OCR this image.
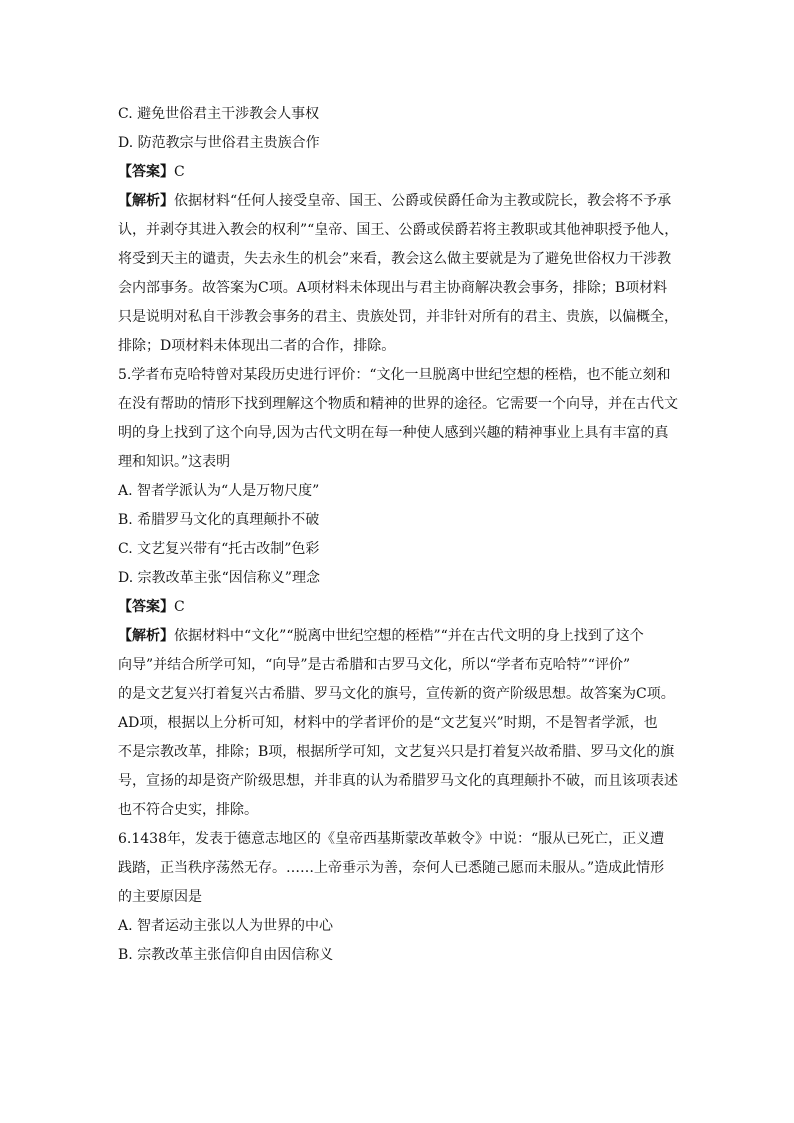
C. 避免世俗君主干涉教会人事权

D. 防范教宗与世俗君主贵族合作

【答案】C

【解析】依据材料“任何人接受皇帝、国王、公爵或侯爵任命为主教或院长，教会将不予承

认，并剥夺其进入教会的权利”“皇帝、国王、公爵或侯爵若将主教职或其他神职授予他人，

将受到天主的谴责，失去永生的机会”来看，教会这么做主要就是为了避免世俗权力干涉教

会内部事务。故答案为C项。A项材料未体现出与君主协商解决教会事务，排除；B项材料

只是说明对私自干涉教会事务的君主、贵族处罚，并非针对所有的君主、贵族，以偏概全，

排除；D项材料未体现出二者的合作，排除。

5.学者布克哈特曾对某段历史进行评价：“文化一旦脱离中世纪空想的桎梏，也不能立刻和

在没有帮助的情形下找到理解这个物质和精神的世界的途径。它需要一个向导，并在古代文

明的身上找到了这个向导,因为古代文明在每一种使人感到兴趣的精神事业上具有丰富的真

理和知识。”这表明

A. 智者学派认为“人是万物尺度”

B. 希腊罗马文化的真理颠扑不破

C. 文艺复兴带有“托古改制”色彩

D. 宗教改革主张“因信称义”理念

【答案】C

【解析】依据材料中“文化”“脱离中世纪空想的桎梏”“并在古代文明的身上找到了这个

向导”并结合所学可知，“向导”是古希腊和古罗马文化，所以“学者布克哈特”“评价”

的是文艺复兴打着复兴古希腊、罗马文化的旗号，宣传新的资产阶级思想。故答案为C项。

AD项，根据以上分析可知，材料中的学者评价的是“文艺复兴”时期，不是智者学派，也

不是宗教改革，排除；B项，根据所学可知，文艺复兴只是打着复兴故希腊、罗马文化的旗

号，宣扬的却是资产阶级思想，并非真的认为希腊罗马文化的真理颠扑不破，而且该项表述

也不符合史实，排除。

6.1438年，发表于德意志地区的《皇帝西基斯蒙改革敕令》中说：“服从已死亡，正义遭

践踏，正当秩序荡然无存。……上帝垂示为善，奈何人已悉随己愿而未服从。”造成此情形

的主要原因是

A. 智者运动主张以人为世界的中心

B. 宗教改革主张信仰自由因信称义
